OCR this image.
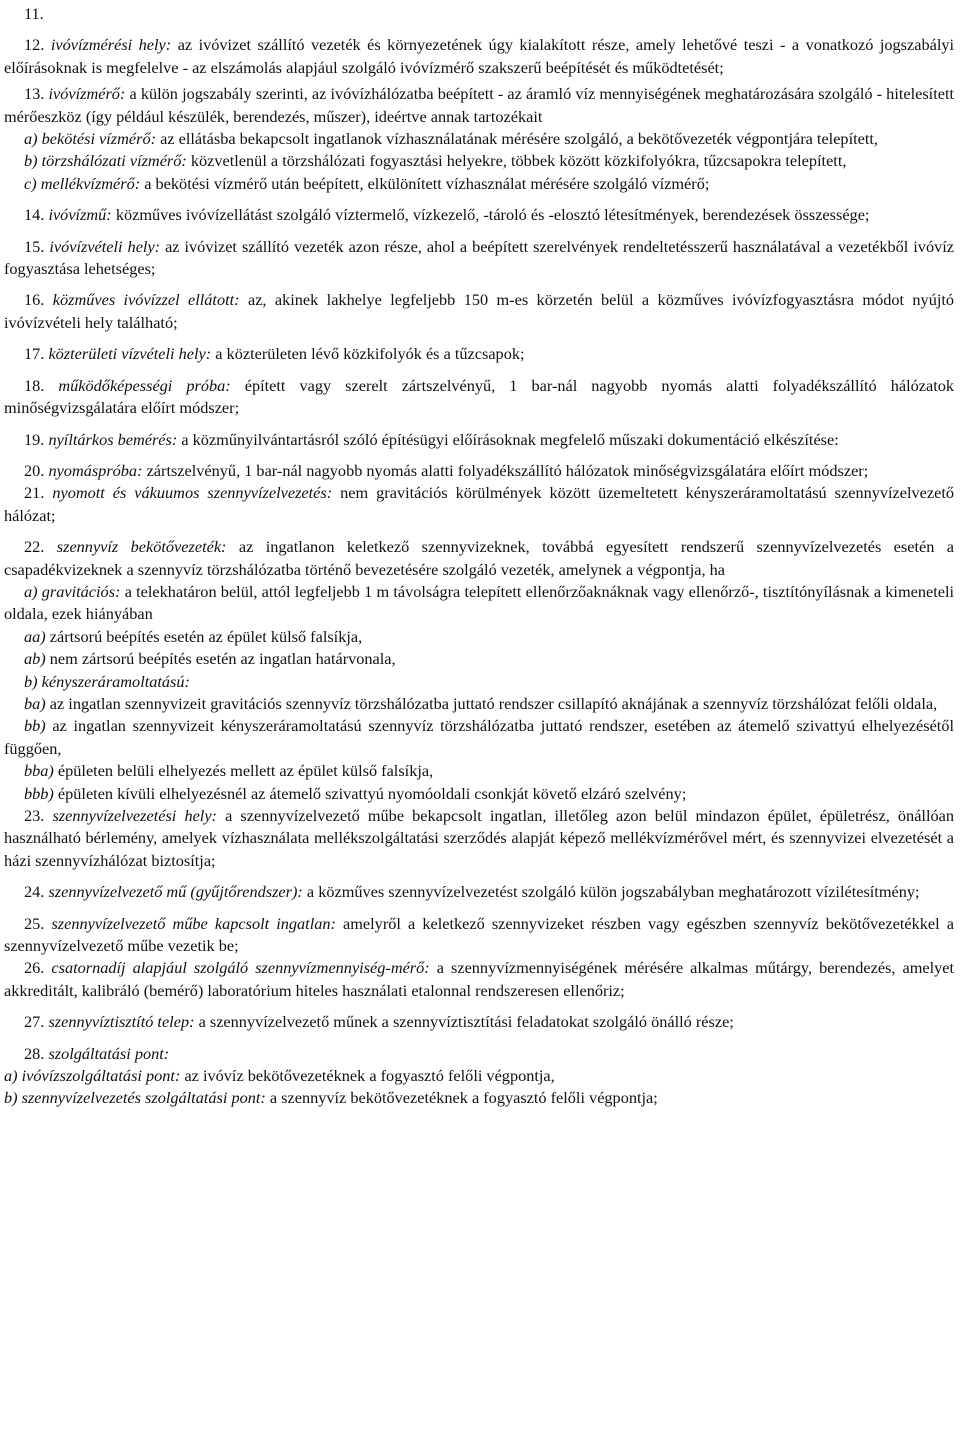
11.

12. ivóvízmérési hely: az ivóvizet szállító vezeték és környezetének úgy kialakított része, amely lehetővé teszi - a vonatkozó jogszabályi előírásoknak is megfelelve - az elszámolás alapjául szolgáló ivóvízmérő szakszerű beépítését és működtetését;

13. ivóvízmérő: a külön jogszabály szerinti, az ivóvízhálózatba beépített - az áramló víz mennyiségének meghatározására szolgáló - hitelesített mérőeszköz (így például készülék, berendezés, műszer), ideértve annak tartozékait

a) bekötési vízmérő: az ellátásba bekapcsolt ingatlanok vízhasználatának mérésére szolgáló, a bekötővezeték végpontjára telepített,

b) törzshálózati vízmérő: közvetlenül a törzshálózati fogyasztási helyekre, többek között közkifolyókra, tűzcsapokra telepített,

c) mellékvízmérő: a bekötési vízmérő után beépített, elkülönített vízhasználat mérésére szolgáló vízmérő;

14. ivóvízmű: közműves ivóvízellátást szolgáló víztermelő, vízkezelő, -tároló és -elosztó létesítmények, berendezések összessége;

15. ivóvízvételi hely: az ivóvizet szállító vezeték azon része, ahol a beépített szerelvények rendeltetésszerű használatával a vezetékből ivóvíz fogyasztása lehetséges;

16. közműves ivóvízzel ellátott: az, akinek lakhelye legfeljebb 150 m-es körzetén belül a közműves ivóvízfogyasztásra módot nyújtó ivóvízvételi hely található;

17. közterületi vízvételi hely: a közterületen lévő közkifolyók és a tűzcsapok;

18. működőképességi próba: épített vagy szerelt zártszelvényű, 1 bar-nál nagyobb nyomás alatti folyadékszállító hálózatok minőségvizsgálatára előírt módszer;

19. nyíltárkos bemérés: a közműnyilvántartásról szóló építésügyi előírásoknak megfelelő műszaki dokumentáció elkészítése:

20. nyomáspróba: zártszelvényű, 1 bar-nál nagyobb nyomás alatti folyadékszállító hálózatok minőségvizsgálatára előírt módszer;

21. nyomott és vákuumos szennyvízelvezetés: nem gravitációs körülmények között üzemeltetett kényszeráramoltatású szennyvízelvezető hálózat;

22. szennyvíz bekötővezeték: az ingatlanon keletkező szennyvizeknek, továbbá egyesített rendszerű szennyvízelvezetés esetén a csapadékvizeknek a szennyvíz törzshálózatba történő bevezetésére szolgáló vezeték, amelynek a végpontja, ha

a) gravitációs: a telekhatáron belül, attól legfeljebb 1 m távolságra telepített ellenőrzőaknáknak vagy ellenőrző-, tisztítónyílásnak a kimeneteli oldala, ezek hiányában

aa) zártsorú beépítés esetén az épület külső falsíkja,

ab) nem zártsorú beépítés esetén az ingatlan határvonala,

b) kényszeráramoltatású:

ba) az ingatlan szennyvizeit gravitációs szennyvíz törzshálózatba juttató rendszer csillapító aknájának a szennyvíz törzshálózat felőli oldala,

bb) az ingatlan szennyvizeit kényszeráramoltatású szennyvíz törzshálózatba juttató rendszer, esetében az átemelő szivattyú elhelyezésétől függően,

bba) épületen belüli elhelyezés mellett az épület külső falsíkja,

bbb) épületen kívüli elhelyezésnél az átemelő szivattyú nyomóoldali csonkját követő elzáró szelvény;

23. szennyvízelvezetési hely: a szennyvízelvezető műbe bekapcsolt ingatlan, illetőleg azon belül mindazon épület, épületrész, önállóan használható bérlemény, amelyek vízhasználata mellékszolgáltatási szerződés alapját képező mellékvízmérővel mért, és szennyvizei elvezetését a házi szennyvízhálózat biztosítja;

24. szennyvízelvezető mű (gyűjtőrendszer): a közműves szennyvízelvezetést szolgáló külön jogszabályban meghatározott vízilétesítmény;

25. szennyvízelvezető műbe kapcsolt ingatlan: amelyről a keletkező szennyvizeket részben vagy egészben szennyvíz bekötővezetékkel a szennyvízelvezető műbe vezetik be;

26. csatornadíj alapjául szolgáló szennyvízmennyiség-mérő: a szennyvízmennyiségének mérésére alkalmas műtárgy, berendezés, amelyet akkreditált, kalibráló (bemérő) laboratórium hiteles használati etalonnal rendszeresen ellenőriz;

27. szennyvíztisztító telep: a szennyvízelvezető műnek a szennyvíztisztítási feladatokat szolgáló önálló része;

28. szolgáltatási pont:

a) ivóvízszolgáltatási pont: az ivóvíz bekötővezetéknek a fogyasztó felőli végpontja,

b) szennyvízelvezetés szolgáltatási pont: a szennyvíz bekötővezetéknek a fogyasztó felőli végpontja;
